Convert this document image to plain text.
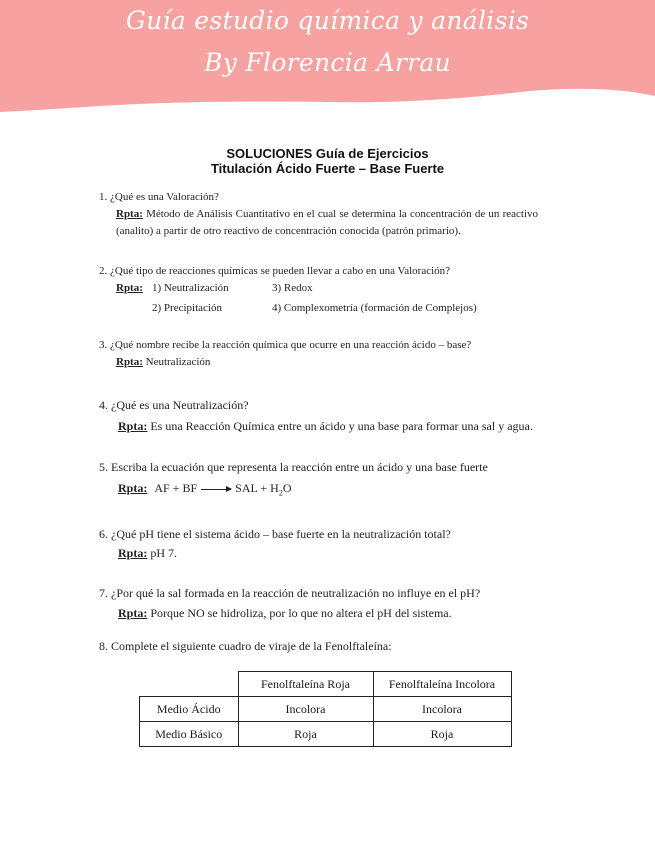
Guía estudio química y análisis
By Florencia Arrau
SOLUCIONES Guía de Ejercicios
Titulación Ácido Fuerte – Base Fuerte
1. ¿Qué es una Valoración?
Rpta: Método de Análisis Cuantitativo en el cual se determina la concentración de un reactivo (analito) a partir de otro reactivo de concentración conocida (patrón primario).
2. ¿Qué tipo de reacciones químicas se pueden llevar a cabo en una Valoración?
Rpta: 1) Neutralización	3) Redox
2) Precipitación	4) Complexometría (formación de Complejos)
3. ¿Qué nombre recibe la reacción química que ocurre en una reacción ácido – base?
Rpta: Neutralización
4. ¿Qué es una Neutralización?
Rpta: Es una Reacción Química entre un ácido y una base para formar una sal y agua.
5. Escriba la ecuación que representa la reacción entre un ácido y una base fuerte
Rpta: AF + BF → SAL + $H_2O$
6. ¿Qué pH tiene el sistema ácido – base fuerte en la neutralización total?
Rpta: pH 7.
7. ¿Por qué la sal formada en la reacción de neutralización no influye en el pH?
Rpta: Porque NO se hidroliza, por lo que no altera el pH del sistema.
8. Complete el siguiente cuadro de viraje de la Fenolftaleína:
	Fenolftaleína Roja	Fenolftaleína Incolora
Medio Ácido	Incolora	Incolora
Medio Básico	Roja	Roja
